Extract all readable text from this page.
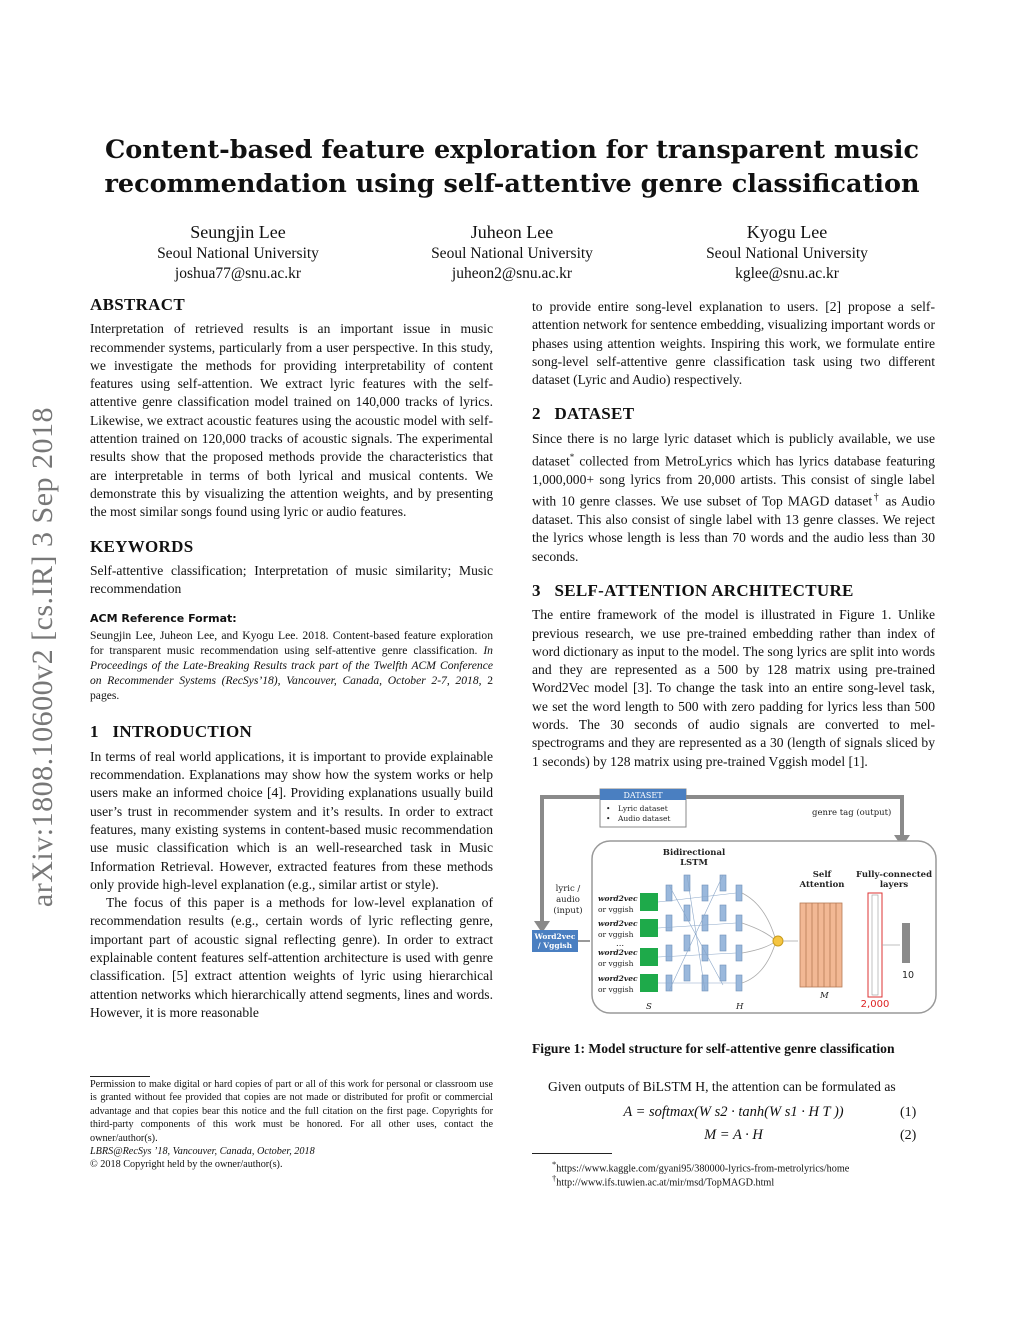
Content-based feature exploration for transparent music
recommendation using self-attentive genre classification
Seungjin Lee
Seoul National University
joshua77@snu.ac.kr
Juheon Lee
Seoul National University
juheon2@snu.ac.kr
Kyogu Lee
Seoul National University
kglee@snu.ac.kr
arXiv:1808.10600v2 [cs.IR] 3 Sep 2018
ABSTRACT

Interpretation of retrieved results is an important issue in music recommender systems, particularly from a user perspective. In this study, we investigate the methods for providing interpretability of content features using self-attention. We extract lyric features with the self-attentive genre classification model trained on 140,000 tracks of lyrics. Likewise, we extract acoustic features using the acoustic model with self-attention trained on 120,000 tracks of acoustic signals. The experimental results show that the proposed methods provide the characteristics that are interpretable in terms of both lyrical and musical contents. We demonstrate this by visualizing the attention weights, and by presenting the most similar songs found using lyric or audio features.

KEYWORDS

Self-attentive classification; Interpretation of music similarity; Music recommendation

ACM Reference Format:

Seungjin Lee, Juheon Lee, and Kyogu Lee. 2018. Content-based feature exploration for transparent music recommendation using self-attentive genre classification. In Proceedings of the Late-Breaking Results track part of the Twelfth ACM Conference on Recommender Systems (RecSys’18), Vancouver, Canada, October 2-7, 2018, 2 pages.

1   INTRODUCTION

In terms of real world applications, it is important to provide explainable recommendation. Explanations may show how the system works or help users make an informed choice [4]. Providing explanations usually build user’s trust in recommender system and it’s results. In order to extract features, many existing systems in content-based music recommendation use music classification which is an well-researched task in Music Information Retrieval. However, extracted features from these methods only provide high-level explanation (e.g., similar artist or style).

The focus of this paper is a methods for low-level explanation of recommendation results (e.g., certain words of lyric reflecting genre, important part of acoustic signal reflecting genre). In order to extract explainable content features self-attention architecture is used with genre classification. [5] extract attention weights of lyric using hierarchical attention networks which hierarchically attend segments, lines and words. However, it is more reasonable

Permission to make digital or hard copies of part or all of this work for personal or classroom use is granted without fee provided that copies are not made or distributed for profit or commercial advantage and that copies bear this notice and the full citation on the first page. Copyrights for third-party components of this work must be honored. For all other uses, contact the owner/author(s).

LBRS@RecSys ’18, Vancouver, Canada, October, 2018
© 2018 Copyright held by the owner/author(s).

to provide entire song-level explanation to users. [2] propose a self-attention network for sentence embedding, visualizing important words or phases using attention weights. Inspiring this work, we formulate entire song-level self-attentive genre classification task using two different dataset (Lyric and Audio) respectively.

2   DATASET

Since there is no large lyric dataset which is publicly available, we use dataset* collected from MetroLyrics which has lyrics database featuring 1,000,000+ song lyrics from 20,000 artists. This consist of single label with 10 genre classes. We use subset of Top MAGD dataset† as Audio dataset. This also consist of single label with 13 genre classes. We reject the lyrics whose length is less than 70 words and the audio less than 30 seconds.

3   SELF-ATTENTION ARCHITECTURE

The entire framework of the model is illustrated in Figure 1. Unlike previous research, we use pre-trained embedding rather than index of word dictionary as input to the model. The song lyrics are split into words and they are represented as a 500 by 128 matrix using pre-trained Word2Vec model [3]. To change the task into an entire song-level task, we set the word length to 500 with zero padding for lyrics less than 500 words. The 30 seconds of audio signals are converted to mel-spectrograms and they are represented as a 30 (length of signals sliced by 1 seconds) by 128 matrix using pre-trained Vggish model [1].

DATASET
• Lyric dataset
• Audio dataset
genre tag (output)
lyric /
audio
(input)
Word2vec
/ Vggish
Bidirectional
LSTM
Self
Attention
Fully-connected
layers
word2vec
or vggish
word2vec
or vggish
...
word2vec
or vggish
word2vec
or vggish
S	H
M
2,000
10
Figure 1: Model structure for self-attentive genre classification
Given outputs of BiLSTM H, the attention can be formulated as
A = softmax(W s2 · tanh(W s1 · H T ))	(1)
M = A · H	(2)
*https://www.kaggle.com/gyani95/380000-lyrics-from-metrolyrics/home
†http://www.ifs.tuwien.ac.at/mir/msd/TopMAGD.html
